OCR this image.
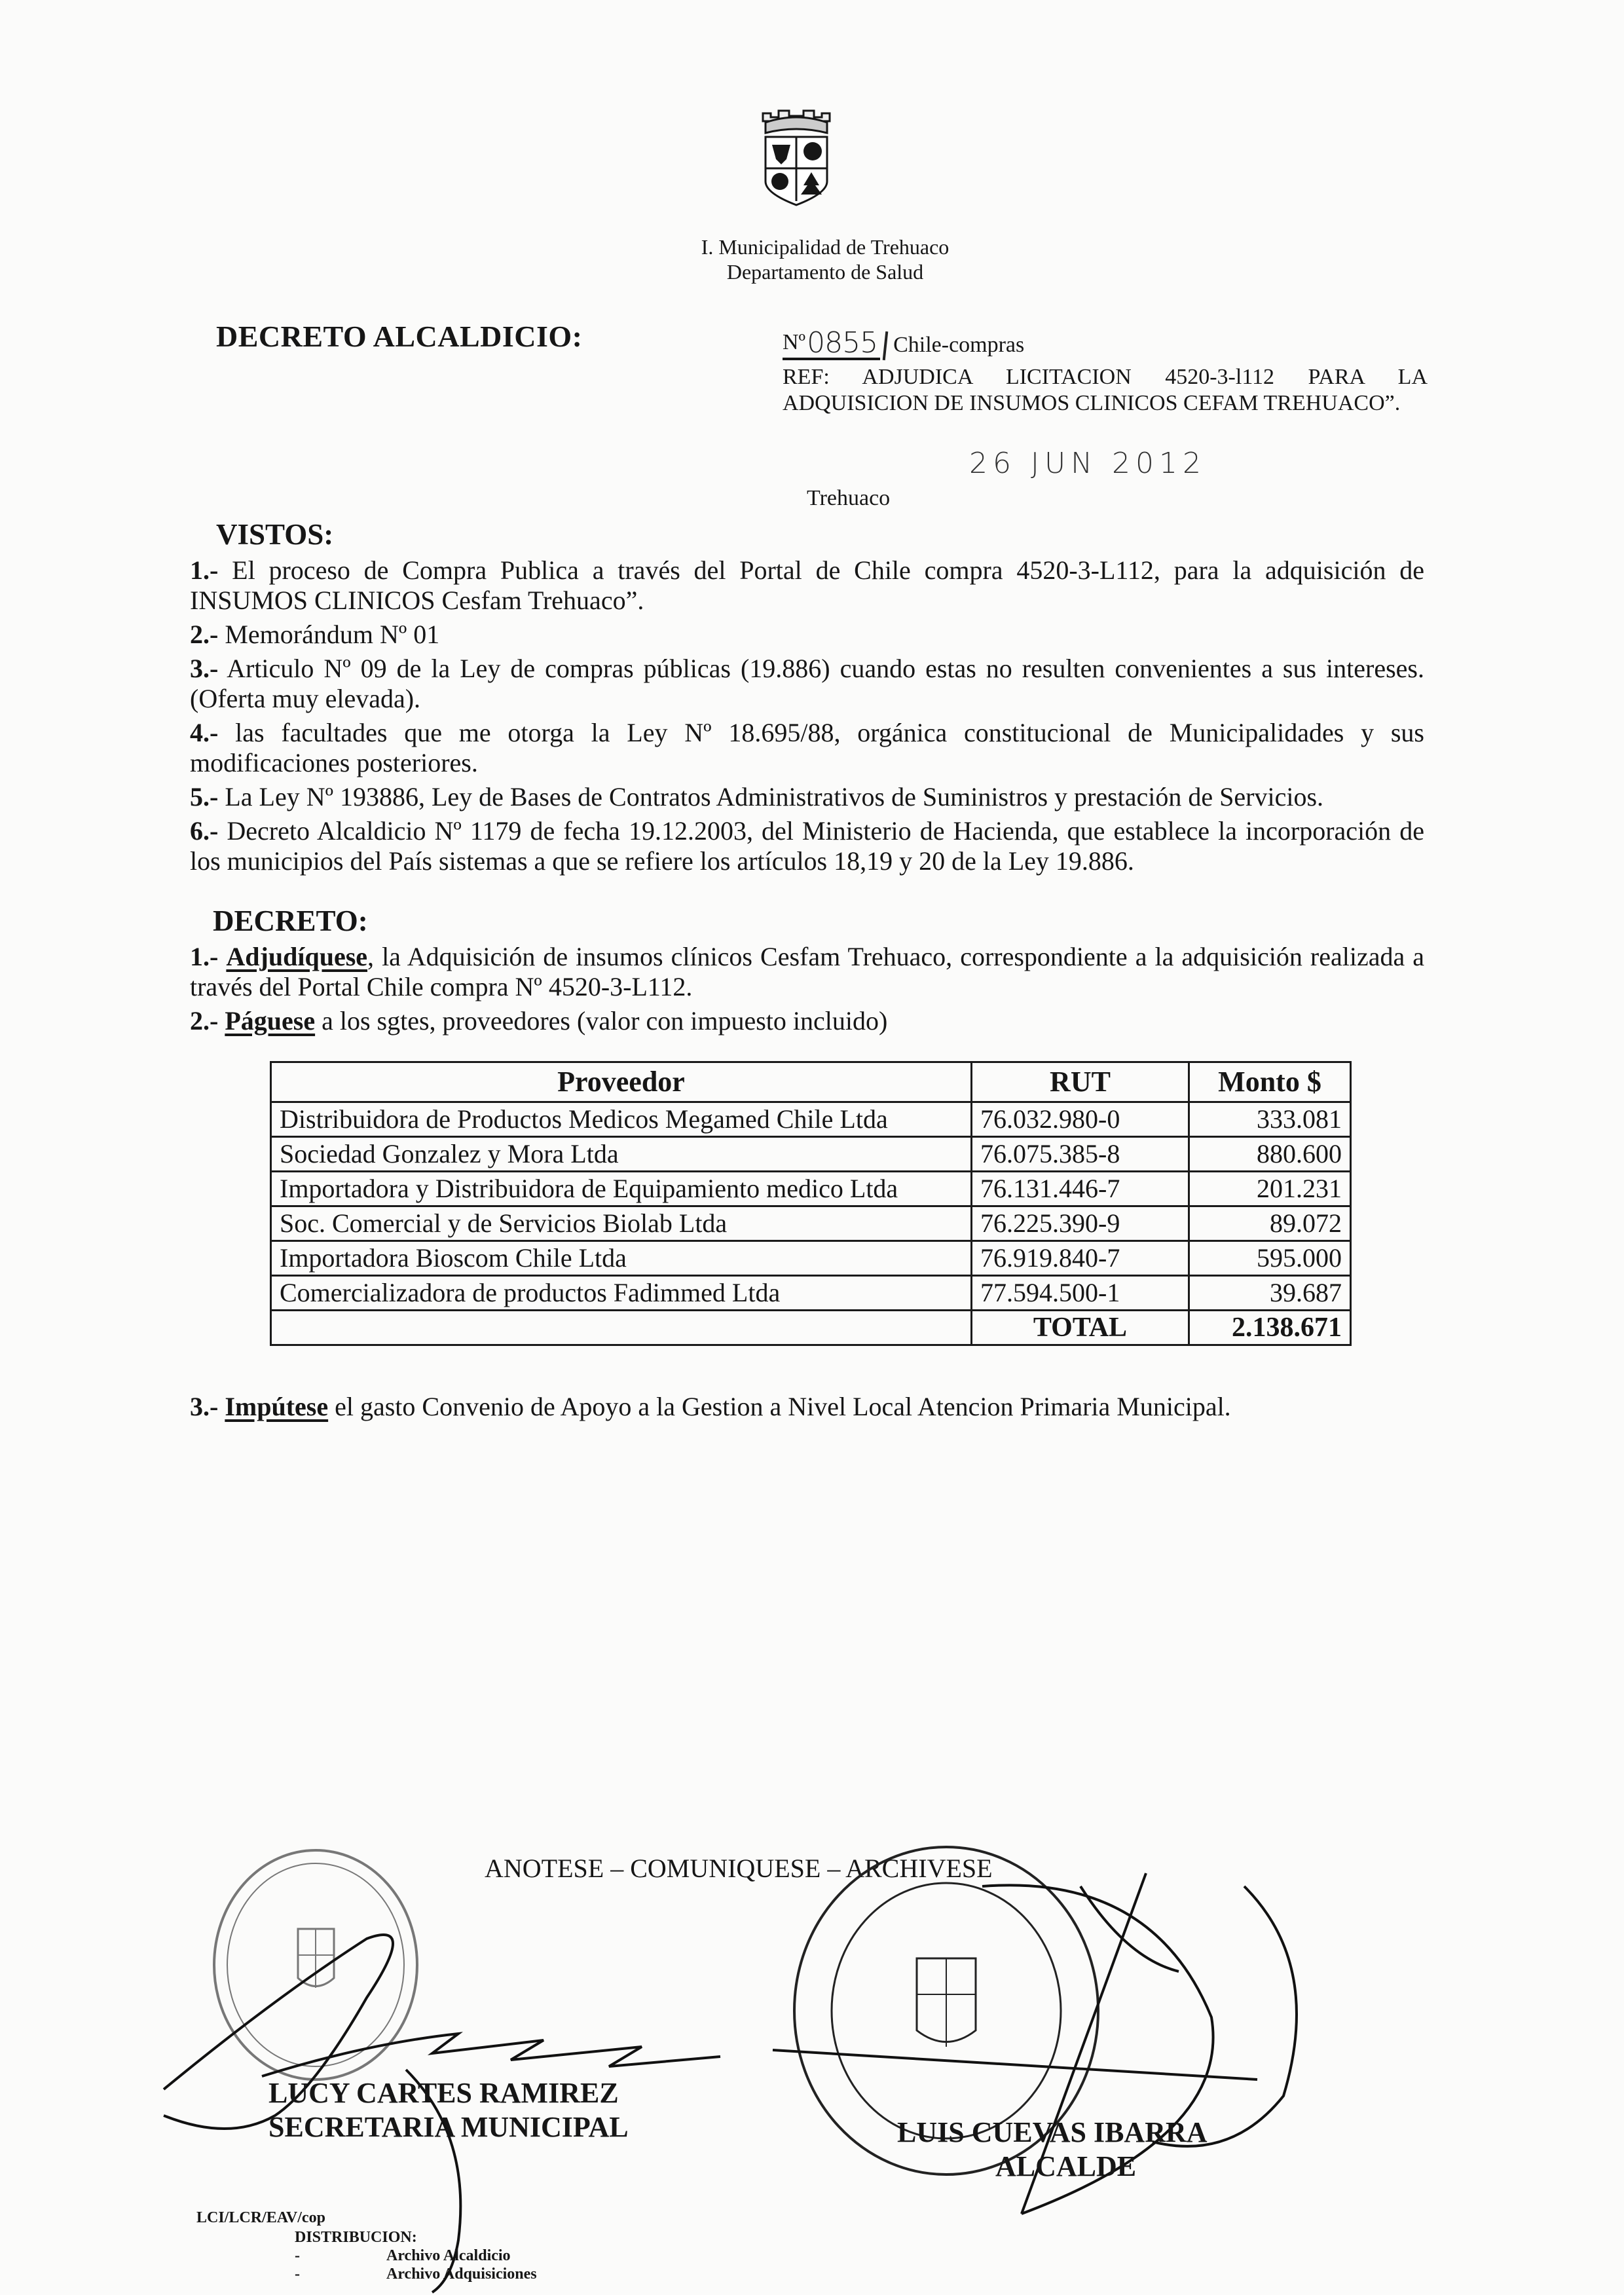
I. Municipalidad de Trehuaco
Departamento de Salud
DECRETO ALCALDICIO:	Nº 0855 Chile-compras
REF: ADJUDICA LICITACION 4520-3-l112 PARA LA ADQUISICION DE INSUMOS CLINICOS CEFAM TREHUACO”.
26 JUN 2012
Trehuaco
VISTOS:
1.- El proceso de Compra Publica a través del Portal de Chile compra 4520-3-L112, para la adquisición de INSUMOS CLINICOS Cesfam Trehuaco”.
2.- Memorándum Nº 01
3.- Articulo Nº 09 de la Ley de compras públicas (19.886) cuando estas no resulten convenientes a sus intereses. (Oferta muy elevada).
4.- las facultades que me otorga la Ley Nº 18.695/88, orgánica constitucional de Municipalidades y sus modificaciones posteriores.
5.- La Ley Nº 193886, Ley de Bases de Contratos Administrativos de Suministros y prestación de Servicios.
6.- Decreto Alcaldicio Nº 1179 de fecha 19.12.2003, del Ministerio de Hacienda, que establece la incorporación de los municipios del País sistemas a que se refiere los artículos 18,19 y 20 de la Ley 19.886.
DECRETO:
1.- Adjudíquese, la Adquisición de insumos clínicos Cesfam Trehuaco, correspondiente a la adquisición realizada a través del Portal Chile compra Nº 4520-3-L112.
2.- Páguese a los sgtes, proveedores (valor con impuesto incluido)
Proveedor	RUT	Monto $
Distribuidora de Productos Medicos Megamed Chile Ltda	76.032.980-0	333.081
Sociedad Gonzalez y Mora Ltda	76.075.385-8	880.600
Importadora y Distribuidora de Equipamiento medico Ltda	76.131.446-7	201.231
Soc. Comercial y de Servicios Biolab Ltda	76.225.390-9	89.072
Importadora Bioscom Chile Ltda	76.919.840-7	595.000
Comercializadora de productos Fadimmed Ltda	77.594.500-1	39.687
	TOTAL	2.138.671
3.- Impútese el gasto Convenio de Apoyo a la Gestion a Nivel Local Atencion Primaria Municipal.
ANOTESE – COMUNIQUESE – ARCHIVESE
LUCY CARTES RAMIREZ
SECRETARIA MUNICIPAL	LUIS CUEVAS IBARRA
ALCALDE
LCI/LCR/EAV/cop
DISTRIBUCION:
-	Archivo Alcaldicio
-	Archivo Adquisiciones
